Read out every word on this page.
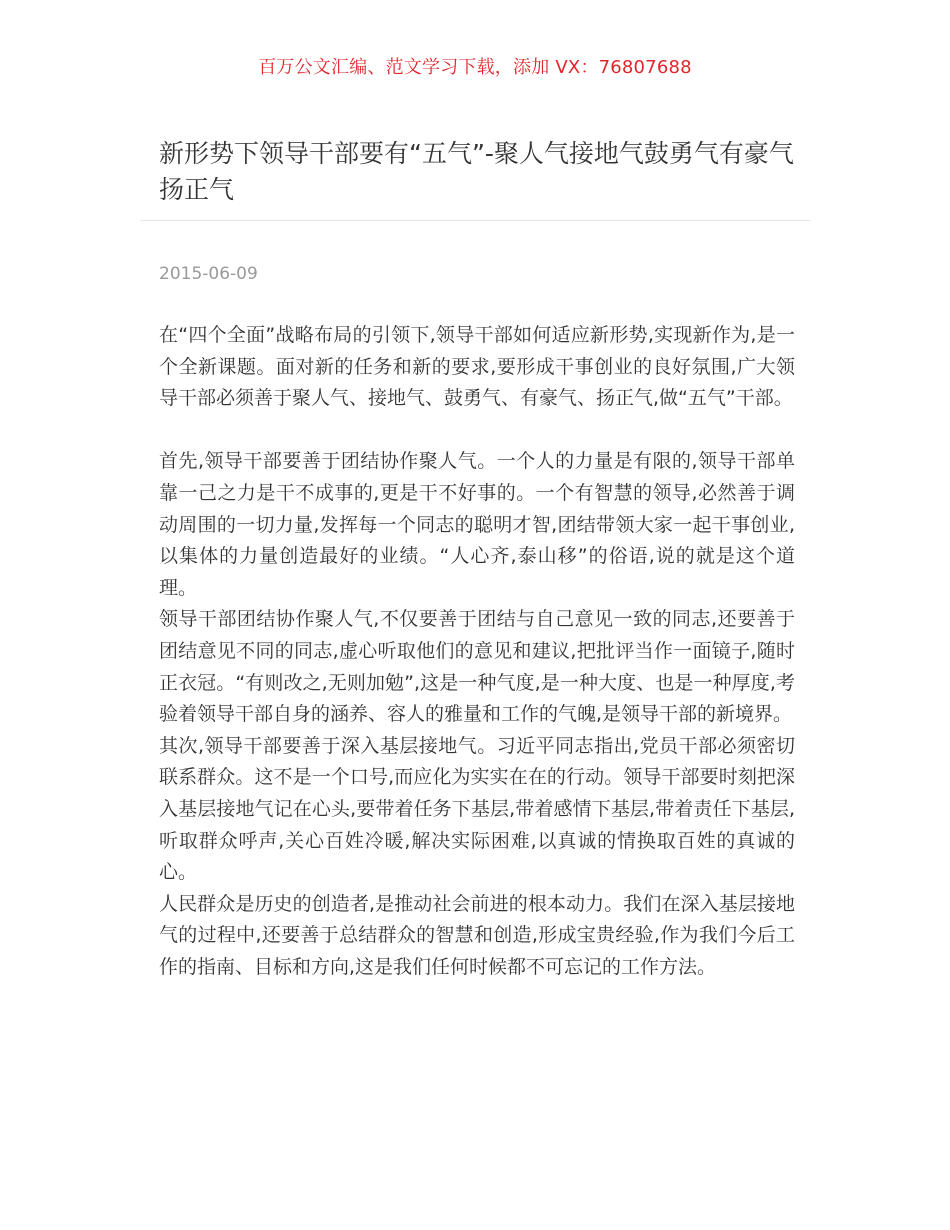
百万公文汇编、范文学习下载，添加 VX：76807688
新形势下领导干部要有“五气”-聚人气接地气鼓勇气有豪气扬正气
2015-06-09

在“四个全面”战略布局的引领下,领导干部如何适应新形势,实现新作为,是一个全新课题。面对新的任务和新的要求,要形成干事创业的良好氛围,广大领导干部必须善于聚人气、接地气、鼓勇气、有豪气、扬正气,做“五气”干部。

首先,领导干部要善于团结协作聚人气。一个人的力量是有限的,领导干部单靠一己之力是干不成事的,更是干不好事的。一个有智慧的领导,必然善于调动周围的一切力量,发挥每一个同志的聪明才智,团结带领大家一起干事创业,以集体的力量创造最好的业绩。“人心齐,泰山移”的俗语,说的就是这个道理。

领导干部团结协作聚人气,不仅要善于团结与自己意见一致的同志,还要善于团结意见不同的同志,虚心听取他们的意见和建议,把批评当作一面镜子,随时正衣冠。“有则改之,无则加勉”,这是一种气度,是一种大度、也是一种厚度,考验着领导干部自身的涵养、容人的雅量和工作的气魄,是领导干部的新境界。

其次,领导干部要善于深入基层接地气。习近平同志指出,党员干部必须密切联系群众。这不是一个口号,而应化为实实在在的行动。领导干部要时刻把深入基层接地气记在心头,要带着任务下基层,带着感情下基层,带着责任下基层,听取群众呼声,关心百姓冷暖,解决实际困难,以真诚的情换取百姓的真诚的心。

人民群众是历史的创造者,是推动社会前进的根本动力。我们在深入基层接地气的过程中,还要善于总结群众的智慧和创造,形成宝贵经验,作为我们今后工作的指南、目标和方向,这是我们任何时候都不可忘记的工作方法。
